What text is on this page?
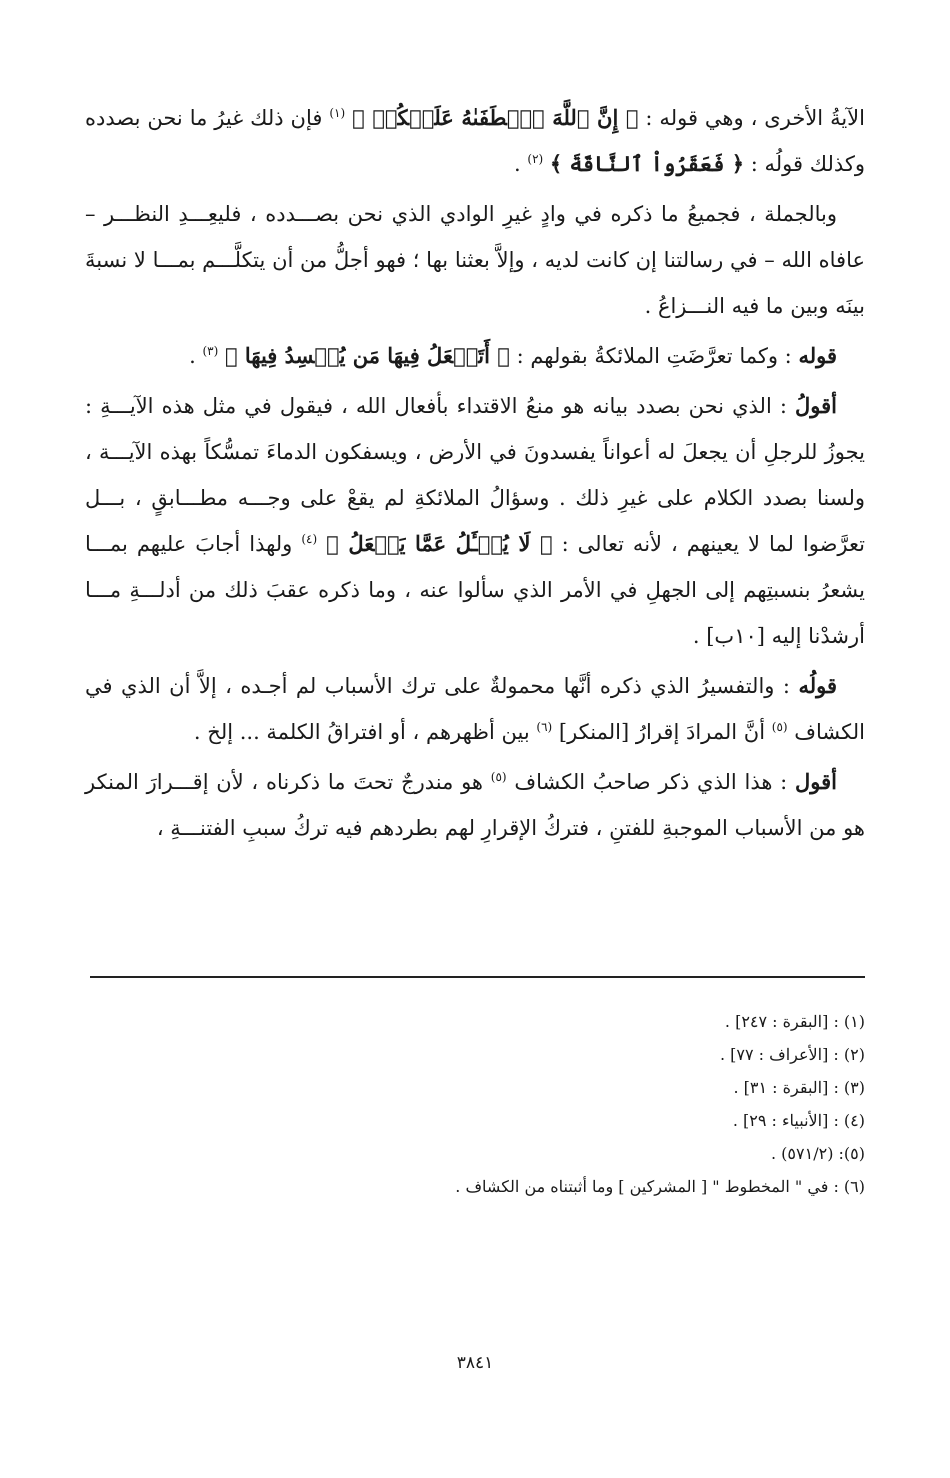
الآيةُ الأخرى ، وهي قوله : ﴿ إِنَّ ٱللَّهَ ٱصۡطَفَىٰهُ عَلَيۡكُمۡ ﴾ $^{(١)}$ فإن ذلك غيرُ ما نحن بصدده وكذلك قولُه : ﴿ فَعَقَرُواْ ٱلنَّاقَةَ ﴾ $^{(٢)}$ .

وبالجملة ، فجميعُ ما ذكره في وادٍ غيرِ الوادي الذي نحن بصـــدده ، فليعِـــدِ النظـــر – عافاه الله – في رسالتنا إن كانت لديه ، وإلاَّ بعثنا بها ؛ فهو أجلُّ من أن يتكلَّـــم بمـــا لا نسبةَ بينَه وبين ما فيه النـــزاعُ .

قوله : وكما تعرَّضَتِ الملائكةُ بقولهم : ﴿ أَتَجۡعَلُ فِيهَا مَن يُفۡسِدُ فِيهَا ﴾ $^{(٣)}$ .

أقولُ : الذي نحن بصدد بيانه هو منعُ الاقتداء بأفعال الله ، فيقول في مثل هذه الآيـــةِ : يجوزُ للرجلِ أن يجعلَ له أعواناً يفسدونَ في الأرض ، ويسفكون الدماءَ تمسُّكاً بهذه الآيـــة ، ولسنا بصدد الكلام على غيرِ ذلك . وسؤالُ الملائكةِ لم يقعْ على وجـــه مطـــابقٍ ، بـــل تعرَّضوا لما لا يعينهم ، لأنه تعالى : ﴿ لَا يُسۡـَٔلُ عَمَّا يَفۡعَلُ ﴾ $^{(٤)}$ ولهذا أجابَ عليهم بمـــا يشعرُ بنسبتِهم إلى الجهلِ في الأمر الذي سألوا عنه ، وما ذكره عقبَ ذلك من أدلـــةِ مـــا أرشدْنا إليه [١٠ب] .

قولُه : والتفسيرُ الذي ذكره أنَّها محمولةٌ على ترك الأسباب لم أجـده ، إلاَّ أن الذي في الكشاف $^{(٥)}$ أنَّ المرادَ إقرارُ [المنكر] $^{(٦)}$ بين أظهرهم ، أو افتراقُ الكلمة ... إلخ .

أقول : هذا الذي ذكر صاحبُ الكشاف $^{(٥)}$ هو مندرجٌ تحتَ ما ذكرناه ، لأن إقـــرارَ المنكر هو من الأسباب الموجبةِ للفتنِ ، فتركُ الإقرارِ لهم بطردهم فيه تركُ سببِ الفتنـــةِ ،

(١) : [البقرة : ٢٤٧] .
(٢) : [الأعراف : ٧٧] .
(٣) : [البقرة : ٣١] .
(٤) : [الأنبياء : ٢٩] .
(٥): (٥٧١/٢) .
(٦) : في " المخطوط " [ المشركين ] وما أثبتناه من الكشاف .
٣٨٤١
